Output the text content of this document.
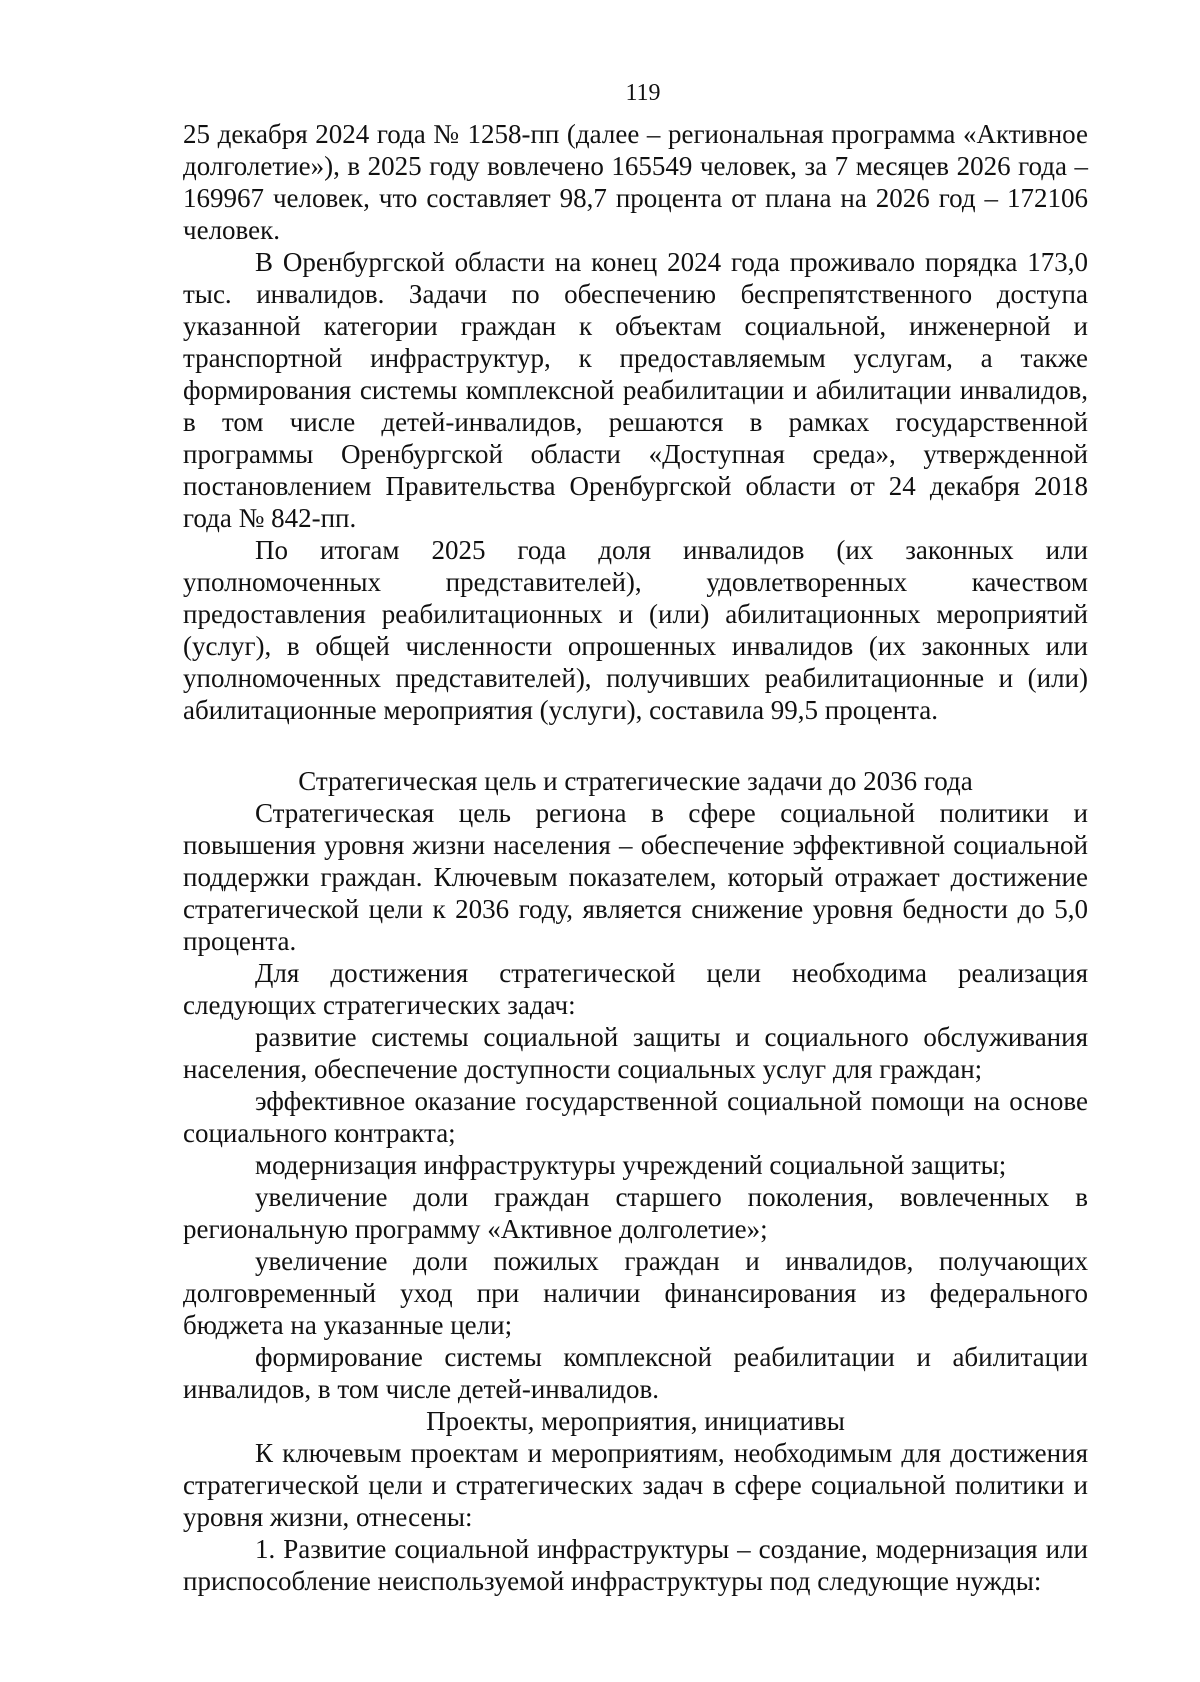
119

25 декабря 2024 года № 1258-пп (далее – региональная программа «Активное долголетие»), в 2025 году вовлечено 165549 человек, за 7 месяцев 2026 года – 169967 человек, что составляет 98,7 процента от плана на 2026 год – 172106 человек.

В Оренбургской области на конец 2024 года проживало порядка 173,0 тыс. инвалидов. Задачи по обеспечению беспрепятственного доступа указанной категории граждан к объектам социальной, инженерной и транспортной инфраструктур, к предоставляемым услугам, а также формирования системы комплексной реабилитации и абилитации инвалидов, в том числе детей-инвалидов, решаются в рамках государственной программы Оренбургской области «Доступная среда», утвержденной постановлением Правительства Оренбургской области от 24 декабря 2018 года № 842-пп.

По итогам 2025 года доля инвалидов (их законных или уполномоченных представителей), удовлетворенных качеством предоставления реабилитационных и (или) абилитационных мероприятий (услуг), в общей численности опрошенных инвалидов (их законных или уполномоченных представителей), получивших реабилитационные и (или) абилитационные мероприятия (услуги), составила 99,5 процента.

Стратегическая цель и стратегические задачи до 2036 года

Стратегическая цель региона в сфере социальной политики и повышения уровня жизни населения – обеспечение эффективной социальной поддержки граждан. Ключевым показателем, который отражает достижение стратегической цели к 2036 году, является снижение уровня бедности до 5,0 процента.

Для достижения стратегической цели необходима реализация следующих стратегических задач:

развитие системы социальной защиты и социального обслуживания населения, обеспечение доступности социальных услуг для граждан;

эффективное оказание государственной социальной помощи на основе социального контракта;

модернизация инфраструктуры учреждений социальной защиты;

увеличение доли граждан старшего поколения, вовлеченных в региональную программу «Активное долголетие»;

увеличение доли пожилых граждан и инвалидов, получающих долговременный уход при наличии финансирования из федерального бюджета на указанные цели;

формирование системы комплексной реабилитации и абилитации инвалидов, в том числе детей-инвалидов.

Проекты, мероприятия, инициативы

К ключевым проектам и мероприятиям, необходимым для достижения стратегической цели и стратегических задач в сфере социальной политики и уровня жизни, отнесены:

1. Развитие социальной инфраструктуры – создание, модернизация или приспособление неиспользуемой инфраструктуры под следующие нужды:
